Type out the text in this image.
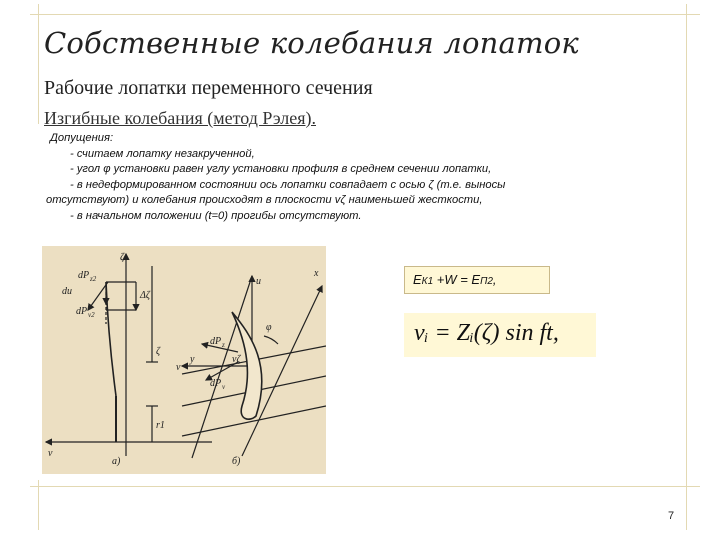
Собственные колебания лопаток
Рабочие лопатки переменного сечения
Изгибные колебания (метод Рэлея).
Допущения:
- считаем лопатку незакрученной,
- угол φ установки равен углу установки профиля в среднем сечении лопатки,
- в недеформированном состоянии ось лопатки совпадает с осью ζ (т.е. выносы
отсутствуют) и колебания происходят в плоскости vζ наименьшей жесткости,
- в начальном положении (t=0) прогибы отсутствуют.
ζ
dP z2
Δζ
dP v2
du
ζ
r1
v
а)
x
u
dP z
dP v
φ
vζ
y
v
б)
ЕК1 +W = ЕП2,
vᵢ = Zᵢ(ζ) sin ft,
7
